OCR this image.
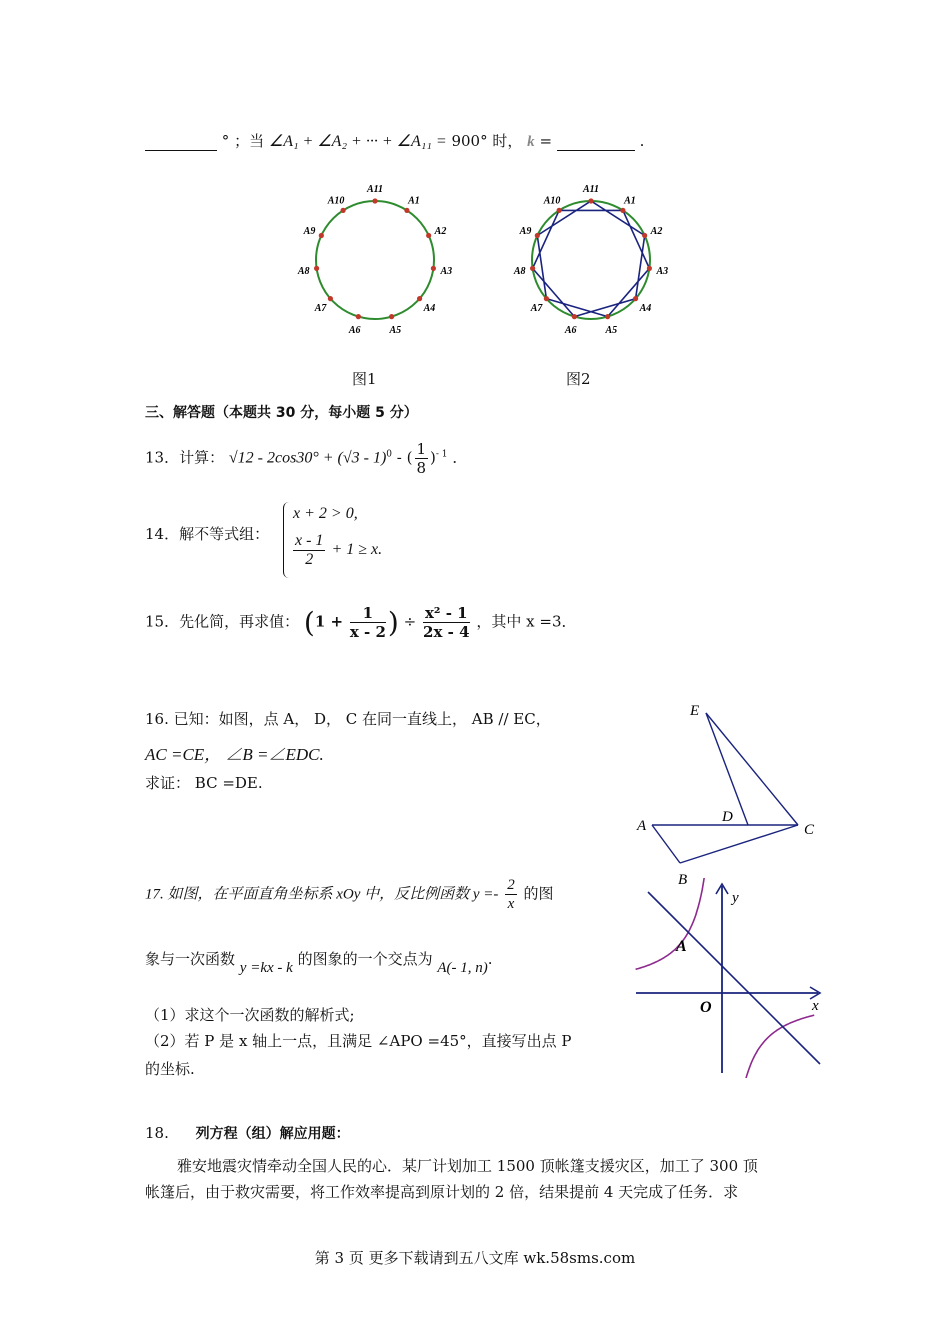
° ；当 ∠A₁ + ∠A₂ + ··· + ∠A₁₁ = 900° 时， k =	.
A1
A2
A3
A4
A5
A6
A7
A8
A9
A10
A11
A1
A2
A3
A4
A5
A6
A7
A8
A9
A10
A11
图1	图2
三、解答题（本题共 30 分，每小题 5 分）
13．计算： √12 - 2cos30° + (√3 - 1)$^0$ - ( $\frac{1}{8} )^{- 1}$ ．
14．解不等式组：
x + 2 > 0,
$\frac{x - 1}{2} + 1 \ge x$.
15．先化简，再求值： ($1 + \frac{1}{x - 2}$ ) ÷ $\frac{\text{x² - 1}}{2x - 4}$ ，其中 x =3．
16. 已知：如图，点 A， D， C 在同一直线上， AB // EC，
AC =CE， ∠B =∠EDC.
求证： BC =DE.
E
A
D
C
B
17. 如图，在平面直角坐标系 xOy 中，反比例函数 $y =- \frac{2}{x}$ 的图
象与一次函数 y =kx - k 的图象的一个交点为 A(- 1, n).
（1）求这个一次函数的解析式;
（2）若 P 是 x 轴上一点，且满足 ∠APO =45°，直接写出点 P
的坐标.
y
x
O
A
18. 列方程（组）解应用题：
雅安地震灾情牵动全国人民的心．某厂计划加工 1500 顶帐篷支援灾区，加工了 300 顶
帐篷后，由于救灾需要，将工作效率提高到原计划的 2 倍，结果提前 4 天完成了任务．求
第 3 页 更多下载请到五八文库 wk.58sms.com
